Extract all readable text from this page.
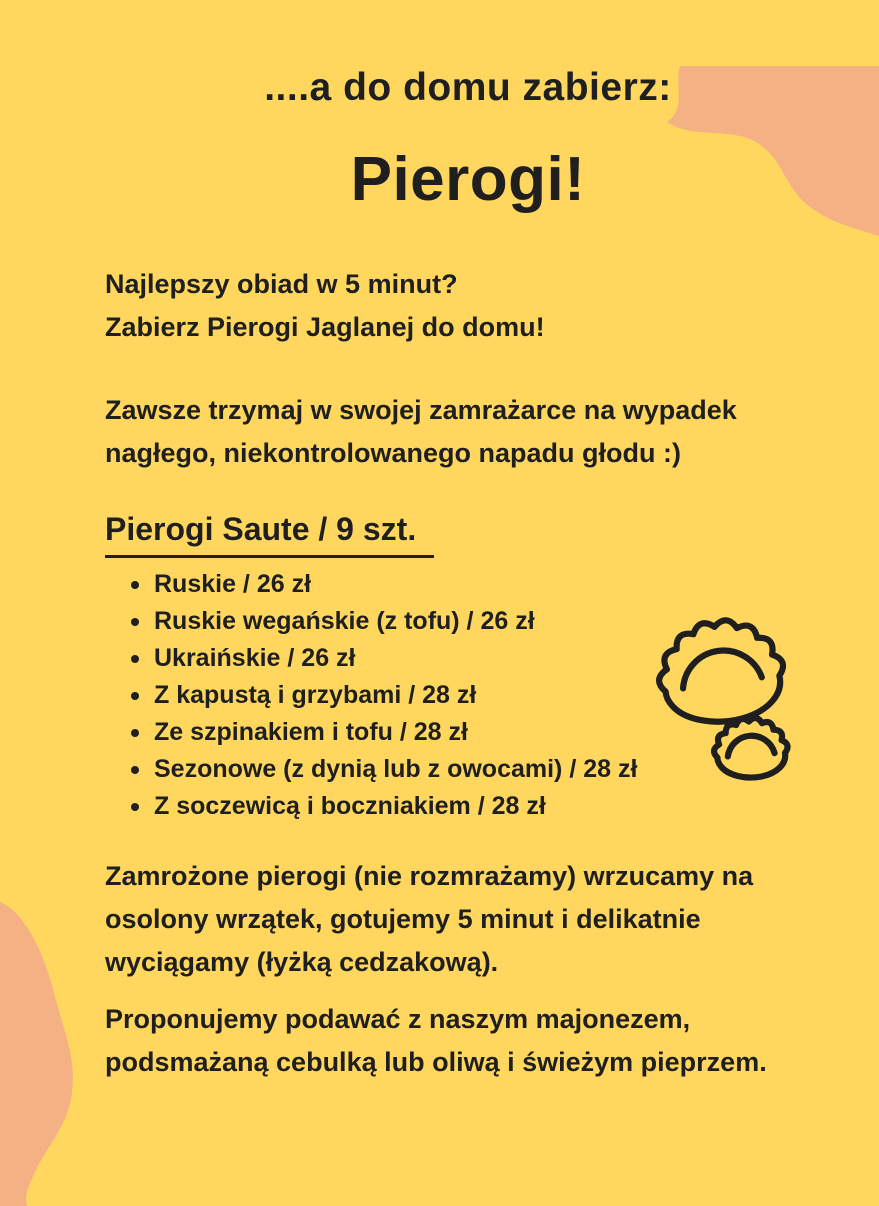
....a do domu zabierz:
Pierogi!

Najlepszy obiad w 5 minut?
Zabierz Pierogi Jaglanej do domu!

Zawsze trzymaj w swojej zamrażarce na wypadek
nagłego, niekontrolowanego napadu głodu :)

Pierogi Saute / 9 szt.
Ruskie / 26 zł
Ruskie wegańskie (z tofu) / 26 zł
Ukraińskie / 26 zł
Z kapustą i grzybami / 28 zł
Ze szpinakiem i tofu / 28 zł
Sezonowe (z dynią lub z owocami) / 28 zł
Z soczewicą i boczniakiem / 28 zł

Zamrożone pierogi (nie rozmrażamy) wrzucamy na
osolony wrzątek, gotujemy 5 minut i delikatnie
wyciągamy (łyżką cedzakową).

Proponujemy podawać z naszym majonezem,
podsmażaną cebulką lub oliwą i świeżym pieprzem.
